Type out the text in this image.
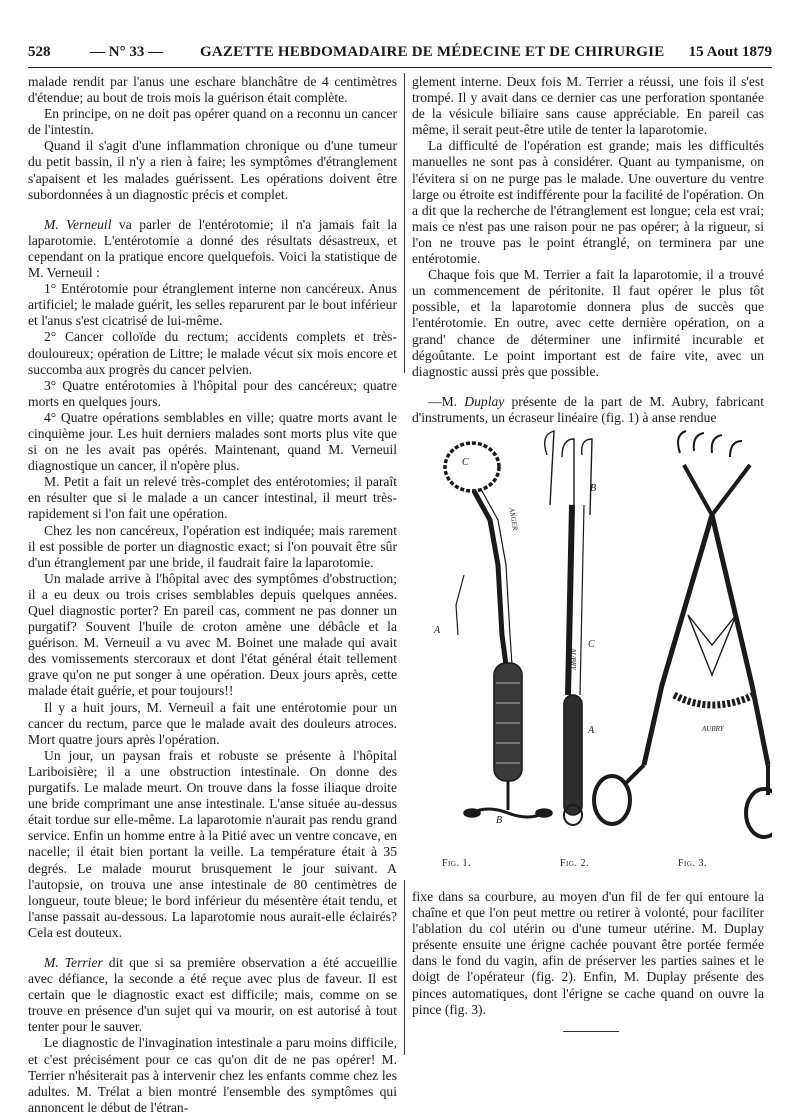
528	— N° 33 — GAZETTE HEBDOMADAIRE DE MÉDECINE ET DE CHIRURGIE 15 Aout 1879

malade rendit par l'anus une eschare blanchâtre de 4 centimètres d'étendue; au bout de trois mois la guérison était complète.

En principe, on ne doit pas opérer quand on a reconnu un cancer de l'intestin.

Quand il s'agit d'une inflammation chronique ou d'une tumeur du petit bassin, il n'y a rien à faire; les symptômes d'étranglement s'apaisent et les malades guérissent. Les opérations doivent être subordonnées à un diagnostic précis et complet.

M. Verneuil va parler de l'entérotomie; il n'a jamais fait la laparotomie. L'entérotomie a donné des résultats désastreux, et cependant on la pratique encore quelquefois. Voici la statistique de M. Verneuil :

1° Entérotomie pour étranglement interne non cancéreux. Anus artificiel; le malade guérit, les selles reparurent par le bout inférieur et l'anus s'est cicatrisé de lui-même.

2° Cancer colloïde du rectum; accidents complets et très-douloureux; opération de Littre; le malade vécut six mois encore et succomba aux progrès du cancer pelvien.

3° Quatre entérotomies à l'hôpital pour des cancéreux; quatre morts en quelques jours.

4° Quatre opérations semblables en ville; quatre morts avant le cinquième jour. Les huit derniers malades sont morts plus vite que si on ne les avait pas opérés. Maintenant, quand M. Verneuil diagnostique un cancer, il n'opère plus.

M. Petit a fait un relevé très-complet des entérotomies; il paraît en résulter que si le malade a un cancer intestinal, il meurt très-rapidement si l'on fait une opération.

Chez les non cancéreux, l'opération est indiquée; mais rarement il est possible de porter un diagnostic exact; si l'on pouvait être sûr d'un étranglement par une bride, il faudrait faire la laparotomie.

Un malade arrive à l'hôpital avec des symptômes d'obstruction; il a eu deux ou trois crises semblables depuis quelques années. Quel diagnostic porter? En pareil cas, comment ne pas donner un purgatif? Souvent l'huile de croton amène une débâcle et la guérison. M. Verneuil a vu avec M. Boinet une malade qui avait des vomissements stercoraux et dont l'état général était tellement grave qu'on ne put songer à une opération. Deux jours après, cette malade était guérie, et pour toujours!!

Il y a huit jours, M. Verneuil a fait une entérotomie pour un cancer du rectum, parce que le malade avait des douleurs atroces. Mort quatre jours après l'opération.

Un jour, un paysan frais et robuste se présente à l'hôpital Lariboisière; il a une obstruction intestinale. On donne des purgatifs. Le malade meurt. On trouve dans la fosse iliaque droite une bride comprimant une anse intestinale. L'anse située au-dessus était tordue sur elle-même. La laparotomie n'aurait pas rendu grand service. Enfin un homme entre à la Pitié avec un ventre concave, en nacelle; il était bien portant la veille. La température était à 35 degrés. Le malade mourut brusquement le jour suivant. A l'autopsie, on trouva une anse intestinale de 80 centimètres de longueur, toute bleue; le bord inférieur du mésentère était tendu, et l'anse passait au-dessous. La laparotomie nous aurait-elle éclairés? Cela est douteux.

M. Terrier dit que si sa première observation a été accueillie avec défiance, la seconde a été reçue avec plus de faveur. Il est certain que le diagnostic exact est difficile; mais, comme on se trouve en présence d'un sujet qui va mourir, on est autorisé à tout tenter pour le sauver.

Le diagnostic de l'invagination intestinale a paru moins difficile, et c'est précisément pour ce cas qu'on dit de ne pas opérer! M. Terrier n'hésiterait pas à intervenir chez les enfants comme chez les adultes. M. Trélat a bien montré l'ensemble des symptômes qui annoncent le début de l'étran-

glement interne. Deux fois M. Terrier a réussi, une fois il s'est trompé. Il y avait dans ce dernier cas une perforation spontanée de la vésicule biliaire sans cause appréciable. En pareil cas même, il serait peut-être utile de tenter la laparotomie.

La difficulté de l'opération est grande; mais les difficultés manuelles ne sont pas à considérer. Quant au tympanisme, on l'évitera si on ne purge pas le malade. Une ouverture du ventre large ou étroite est indifférente pour la facilité de l'opération. On a dit que la recherche de l'étranglement est longue; cela est vrai; mais ce n'est pas une raison pour ne pas opérer; à la rigueur, si l'on ne trouve pas le point étranglé, on terminera par une entérotomie.

Chaque fois que M. Terrier a fait la laparotomie, il a trouvé un commencement de péritonite. Il faut opérer le plus tôt possible, et la laparotomie donnera plus de succès que l'entérotomie. En outre, avec cette dernière opération, on a grand' chance de déterminer une infirmité incurable et dégoûtante. Le point important est de faire vite, avec un diagnostic aussi près que possible.

—M. Duplay présente de la part de M. Aubry, fabricant d'instruments, un écraseur linéaire (fig. 1) à anse rendue

C
A
B
B
C
A
ANGER
AUBRY
AUBRY
Fig. 1.	Fig. 2.	Fig. 3.

fixe dans sa courbure, au moyen d'un fil de fer qui entoure la chaîne et que l'on peut mettre ou retirer à volonté, pour faciliter l'ablation du col utérin ou d'une tumeur utérine. M. Duplay présente ensuite une érigne cachée pouvant être portée fermée dans le fond du vagin, afin de préserver les parties saines et le doigt de l'opérateur (fig. 2). Enfin, M. Duplay présente des pinces automatiques, dont l'érigne se cache quand on ouvre la pince (fig. 3).
